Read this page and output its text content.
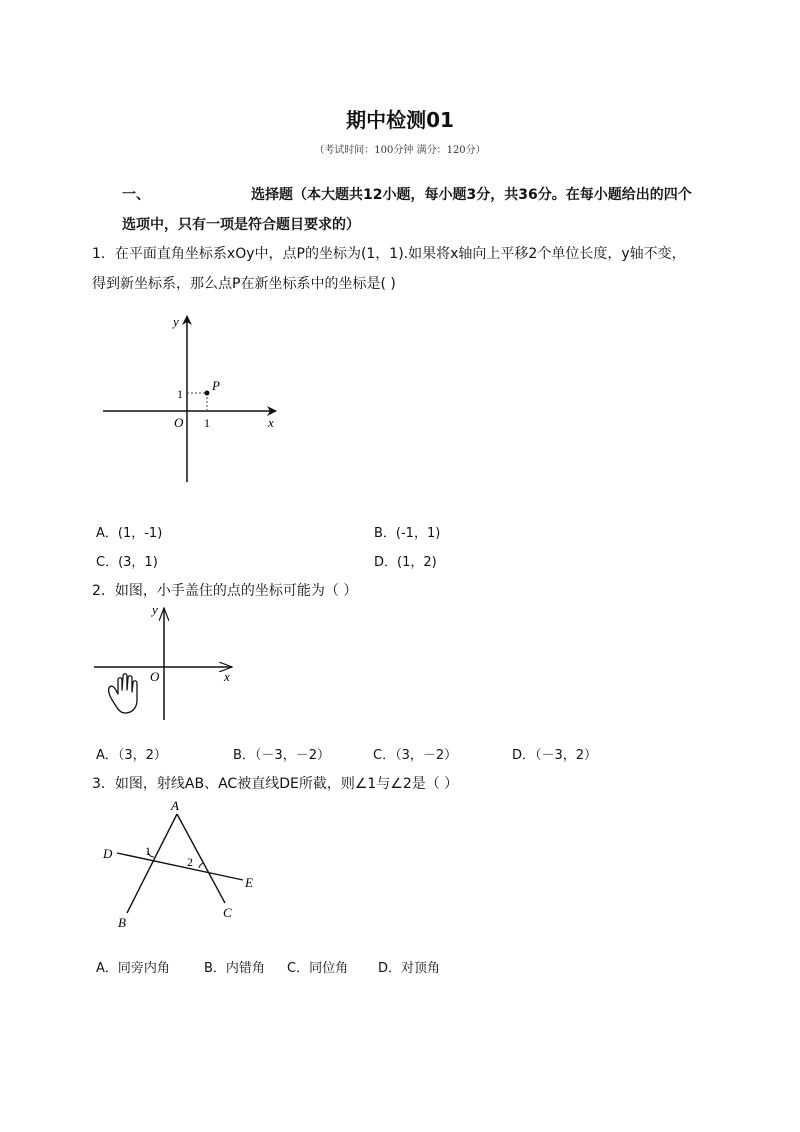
期中检测01
（考试时间：100分钟 满分：120分）
一、	选择题（本大题共12小题，每小题3分，共36分。在每小题给出的四个
选项中，只有一项是符合题目要求的）
1．在平面直角坐标系xOy中，点P的坐标为(1，1).如果将x轴向上平移2个单位长度，y轴不变，
得到新坐标系，那么点P在新坐标系中的坐标是( )
y
x
O
1
1
P
A．(1，-1)	B．(-1，1)
C．(3，1)	D．(1，2)
2．如图，小手盖住的点的坐标可能为（ ）
y
x
O
A．（3，2）	B．（－3，－2）	C．（3，－2）	D．（－3，2）
3．如图，射线AB、AC被直线DE所截，则∠1与∠2是（ ）
A
B
C
D
E
1
2
A．同旁内角	B．内错角 C．同位角 D．对顶角
